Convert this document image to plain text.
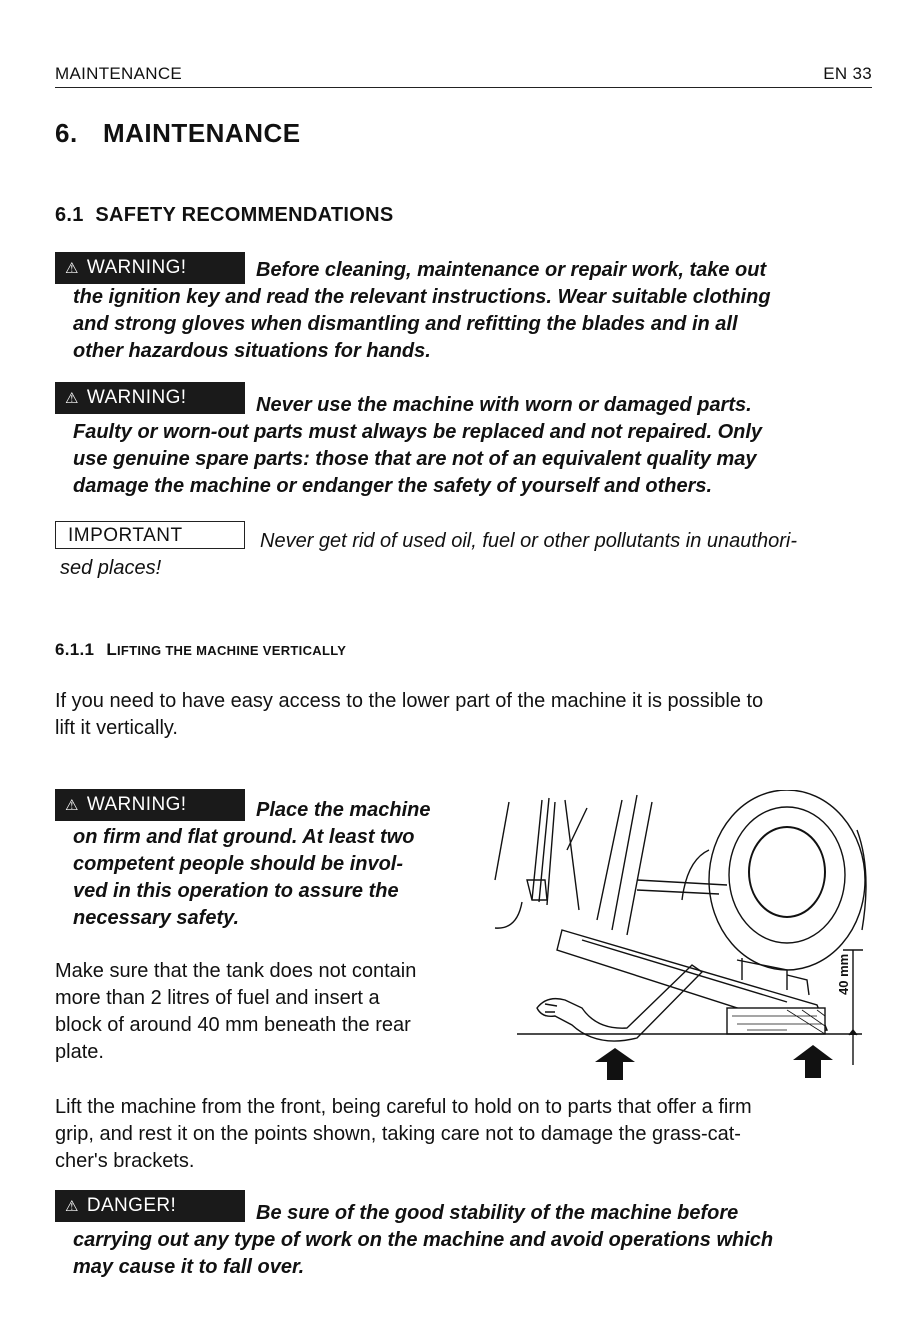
MAINTENANCE	EN 33
6. MAINTENANCE
6.1 SAFETY RECOMMENDATIONS
⚠ WARNING!	Before cleaning, maintenance or repair work, take out
the ignition key and read the relevant instructions. Wear suitable clothing
and strong gloves when dismantling and refitting the blades and in all
other hazardous situations for hands.
⚠ WARNING!	Never use the machine with worn or damaged parts.
Faulty or worn-out parts must always be replaced and not repaired. Only
use genuine spare parts: those that are not of an equivalent quality may
damage the machine or endanger the safety of yourself and others.
IMPORTANT	Never get rid of used oil, fuel or other pollutants in unauthori-
sed places!
6.1.1 LIFTING THE MACHINE VERTICALLY
If you need to have easy access to the lower part of the machine it is possible to
lift it vertically.
⚠ WARNING!	Place the machine
on firm and flat ground. At least two
competent people should be invol-
ved in this operation to assure the
necessary safety.
Make sure that the tank does not contain
more than 2 litres of fuel and insert a
block of around 40 mm beneath the rear
plate.
40 mm
Lift the machine from the front, being careful to hold on to parts that offer a firm
grip, and rest it on the points shown, taking care not to damage the grass-cat-
cher's brackets.
⚠ DANGER!	Be sure of the good stability of the machine before
carrying out any type of work on the machine and avoid operations which
may cause it to fall over.
